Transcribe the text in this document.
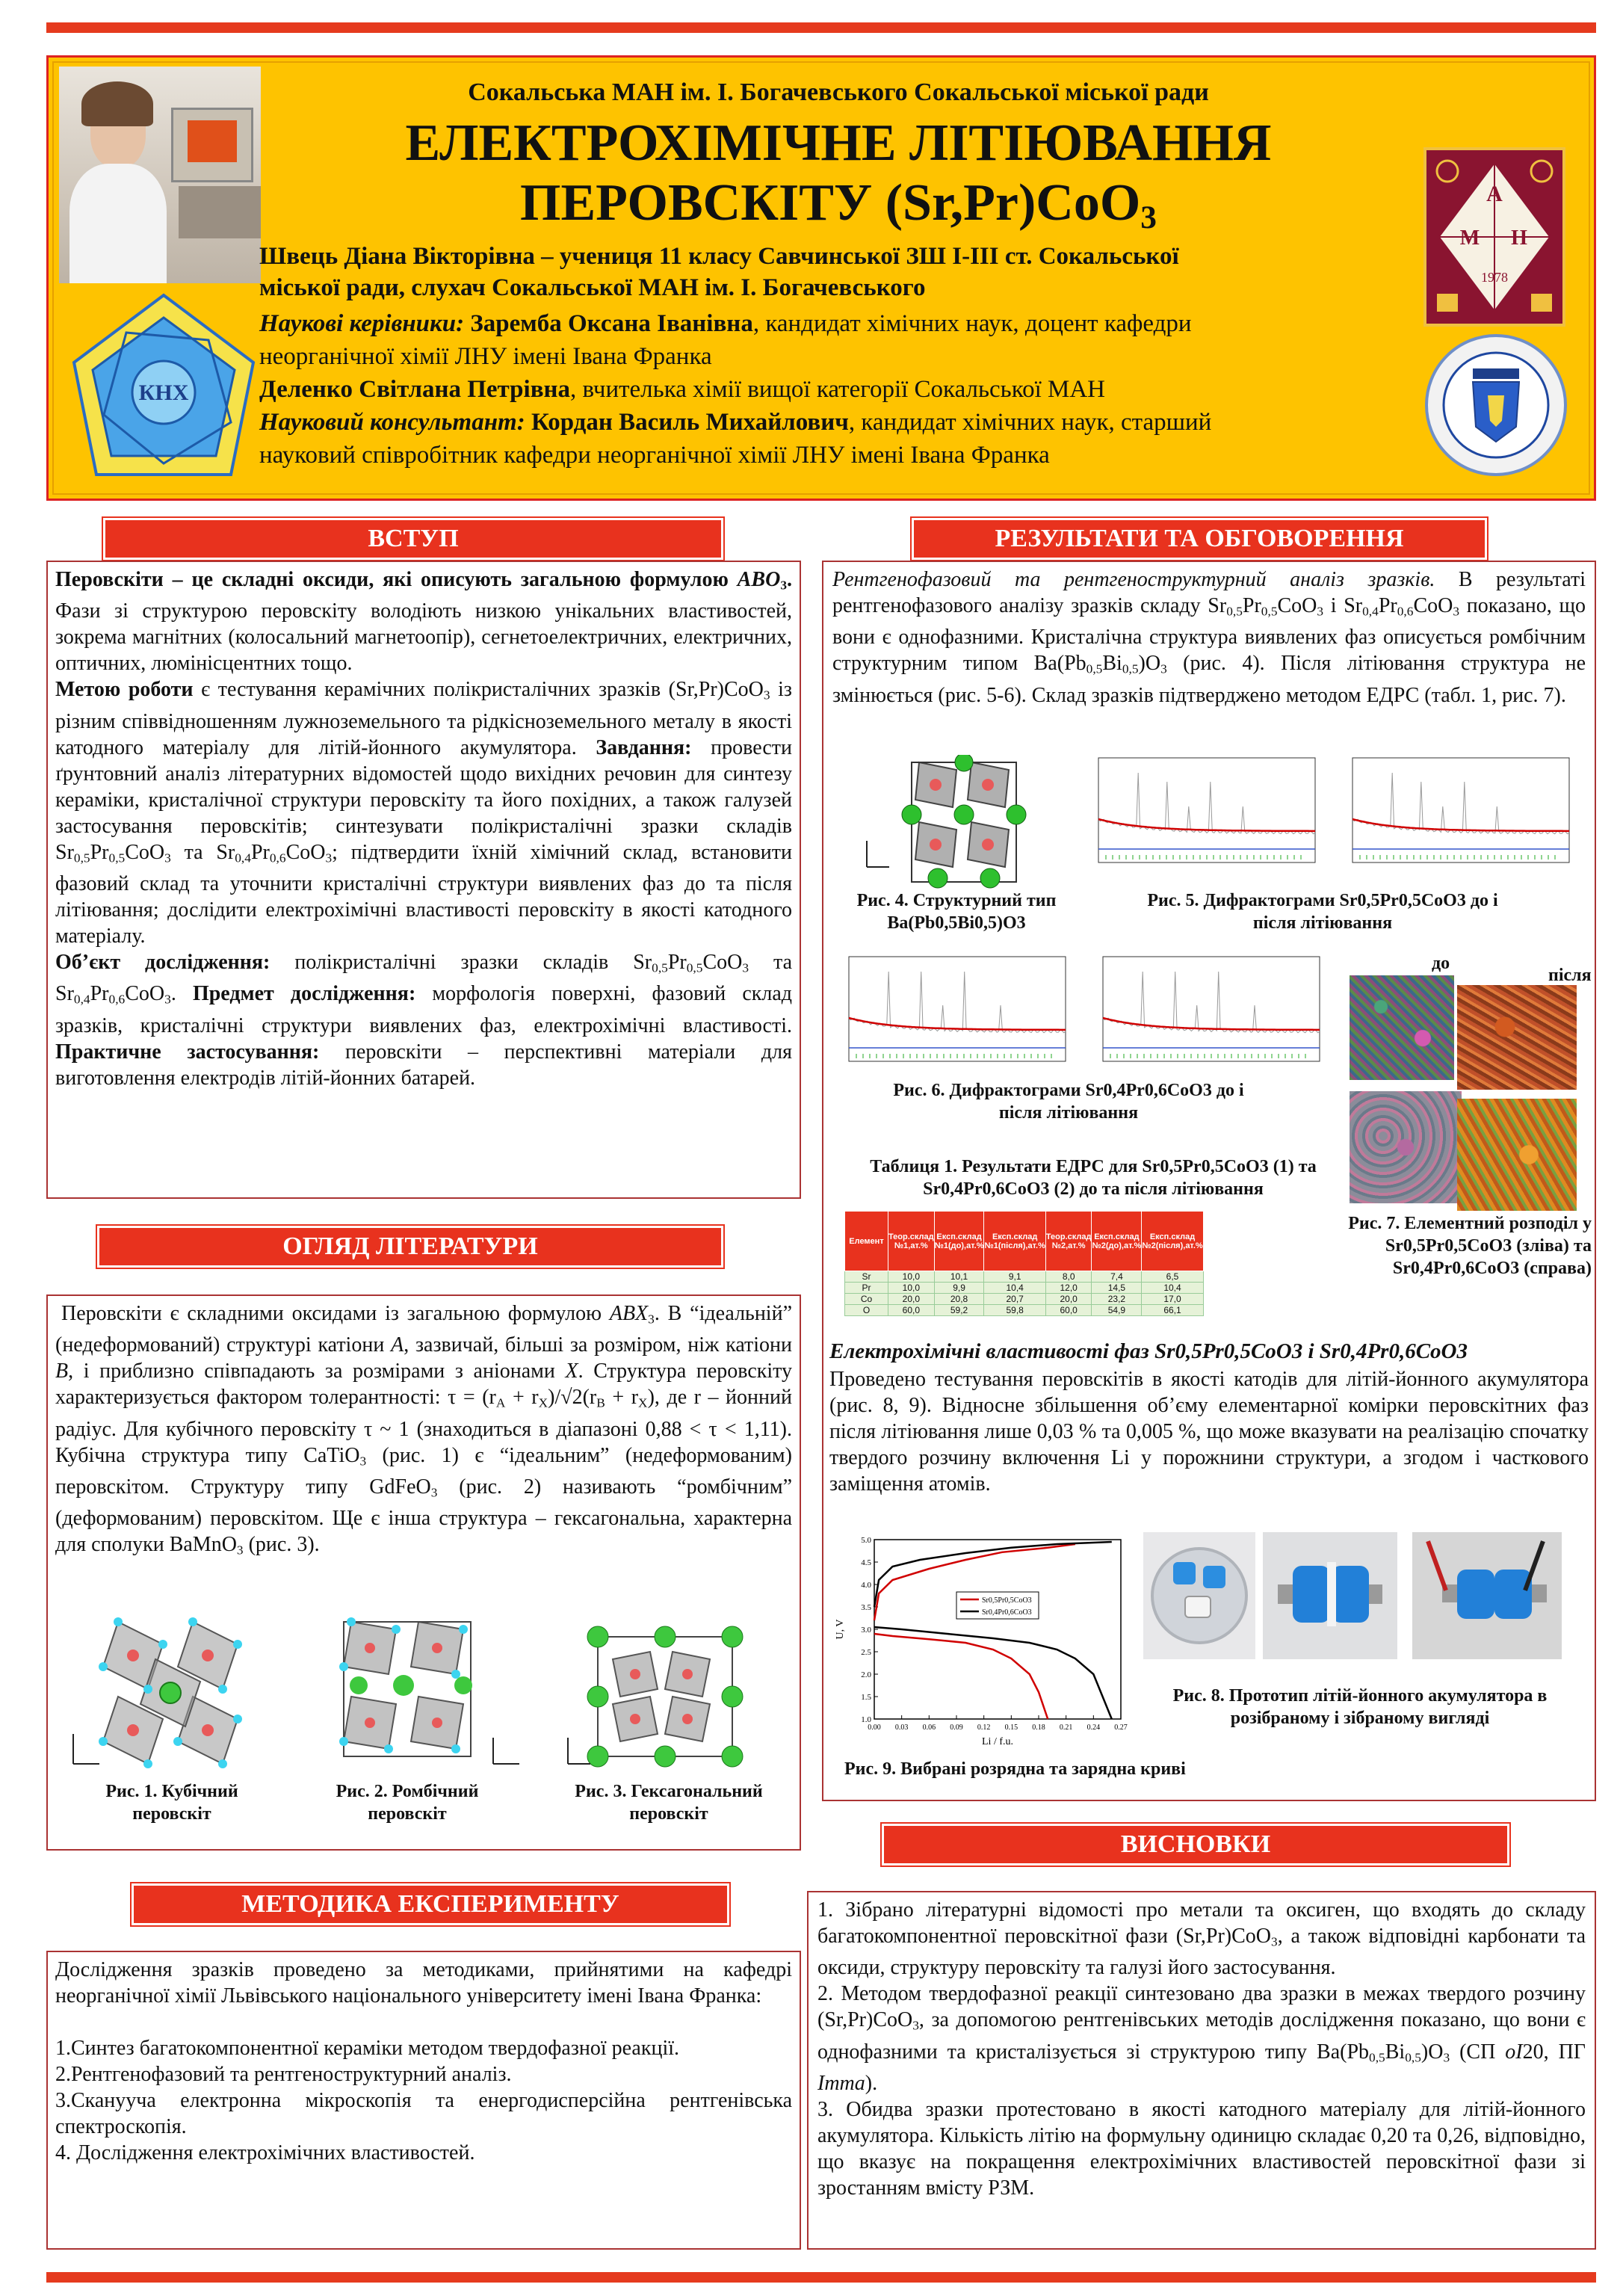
КНХ
Сокальська МАН ім. І. Богачевського Сокальської міської ради
ЕЛЕКТРОХІМІЧНЕ ЛІТІЮВАННЯ
ПЕРОВСКІТУ (Sr,Pr)CoO$_3$
Швець Діана Вікторівна – учениця 11 класу Савчинської ЗШ І-ІІІ ст. Сокальської
міської ради, слухач Сокальської МАН ім. І. Богачевського
Наукові керівники: Заремба Оксана Іванівна, кандидат хімічних наук, доцент кафедри
неорганічної хімії ЛНУ імені Івана Франка
Деленко Світлана Петрівна, вчителька хімії вищої категорії Сокальської МАН
Науковий консультант: Кордан Василь Михайлович, кандидат хімічних наук, старший
науковий співробітник кафедри неорганічної хімії ЛНУ імені Івана Франка
А
М Н
1978
ВСТУП

Перовскіти – це складні оксиди, які описують загальною формулою $ABO_3$. Фази зі структурою перовскіту володіють низкою унікальних властивостей, зокрема магнітних (колосальний магнетоопір), сегнетоелектричних, електричних, оптичних, люмінісцентних тощо.

Метою роботи є тестування керамічних полікристалічних зразків (Sr,Pr)CoO$_3$ із різним співвідношенням лужноземельного та рідкісноземельного металу в якості катодного матеріалу для літій-йонного акумулятора. Завдання: провести ґрунтовний аналіз літературних відомостей щодо вихідних речовин для синтезу кераміки, кристалічної структури перовскіту та його похідних, а також галузей застосування перовскітів; синтезувати полікристалічні зразки складів $Sr_{0,5}Pr_{0,5}CoO_3$ та $Sr_{0,4}Pr_{0,6}CoO_3$; підтвердити їхній хімічний склад, встановити фазовий склад та уточнити кристалічні структури виявлених фаз до та після літіювання; дослідити електрохімічні властивості перовскіту в якості катодного матеріалу.

Об’єкт дослідження: полікристалічні зразки складів $Sr_{0,5}Pr_{0,5}CoO_3$ та $Sr_{0,4}Pr_{0,6}CoO_3$. Предмет дослідження: морфологія поверхні, фазовий склад зразків, кристалічні структури виявлених фаз, електрохімічні властивості. Практичне застосування: перовскіти – перспективні матеріали для виготовлення електродів літій-йонних батарей.

ОГЛЯД ЛІТЕРАТУРИ

Перовскіти є складними оксидами із загальною формулою $ABX_3$. В “ідеальній” (недеформований) структурі катіони A, зазвичай, більші за розміром, ніж катіони B, і приблизно співпадають за розмірами з аніонами X. Структура перовскіту характеризується фактором толерантності: $\tau = (r_A + r_X)/√2(r_B + r_X)$, де r – йонний радіус. Для кубічного перовскіту τ ~ 1 (знаходиться в діапазоні 0,88 < τ < 1,11). Кубічна структура типу CaTiO$_3$ (рис. 1) є “ідеальним” (недеформованим) перовскітом. Структуру типу GdFeO$_3$ (рис. 2) називають “ромбічним” (деформованим) перовскітом. Ще є інша структура – гексагональна, характерна для сполуки BaMnO$_3$ (рис. 3).

Рис. 1. Кубічний перовскіт
Рис. 2. Ромбічний перовскіт
Рис. 3. Гексагональний перовскіт
МЕТОДИКА ЕКСПЕРИМЕНТУ

Дослідження зразків проведено за методиками, прийнятими на кафедрі неорганічної хімії Львівського національного університету імені Івана Франка:

1.Синтез багатокомпонентної кераміки методом твердофазної реакції.

2.Рентгенофазовий та рентгеноструктурний аналіз.

3.Сканууча електронна мікроскопія та енергодисперсійна рентгенівська спектроскопія.

4. Дослідження електрохімічних властивостей.

РЕЗУЛЬТАТИ ТА ОБГОВОРЕННЯ

Рентгенофазовий та рентгеноструктурний аналіз зразків. В результаті рентгенофазового аналізу зразків складу $Sr_{0,5}Pr_{0,5}CoO_3$ і $Sr_{0,4}Pr_{0,6}CoO_3$ показано, що вони є однофазними. Кристалічна структура виявлених фаз описується ромбічним структурним типом $Ba(Pb_{0,5}Bi_{0,5})O_3$ (рис. 4). Після літіювання структура не змінюється (рис. 5-6). Склад зразків підтверджено методом ЕДРС (табл. 1, рис. 7).

Рис. 4. Структурний тип Ba(Pb0,5Bi0,5)O3
Рис. 5. Дифрактограми Sr0,5Pr0,5CoO3 до і після літіювання
Рис. 6. Дифрактограми Sr0,4Pr0,6CoO3 до і після літіювання
до
після
Рис. 7. Елементний розподіл у Sr0,5Pr0,5CoO3 (зліва) та Sr0,4Pr0,6CoO3 (справа)
Таблиця 1. Результати ЕДРС для Sr0,5Pr0,5CoO3 (1) та Sr0,4Pr0,6CoO3 (2) до та після літіювання
Елемент	Теор.склад №1,ат.%	Експ.склад №1(до),ат.%	Експ.склад №1(після),ат.%	Теор.склад №2,ат.%	Експ.склад №2(до),ат.%	Експ.склад №2(після),ат.%
Sr	10,0	10,1	9,1	8,0	7,4	6,5
Pr	10,0	9,9	10,4	12,0	14,5	10,4
Co	20,0	20,8	20,7	20,0	23,2	17,0
O	60,0	59,2	59,8	60,0	54,9	66,1
Електрохімічні властивості фаз Sr0,5Pr0,5CoO3 і Sr0,4Pr0,6CoO3
Проведено тестування перовскітів в якості катодів для літій-йонного акумулятора (рис. 8, 9). Відносне збільшення об’єму елементарної комірки перовскітних фаз після літіювання лише 0,03 % та 0,005 %, що може вказувати на реалізацію спочатку твердого розчину включення Li у порожнини структури, а згодом і часткового заміщення атомів.
0.00 0.03 0.06 0.09 0.12 0.15 0.18 0.21 0.24 0.27
1.0
1.5
2.0
2.5
3.0
3.5
4.0
4.5
5.0
Li / f.u.
U, V
Sr0,5Pr0,5CoO3
Sr0,4Pr0,6CoO3
Рис. 9. Вибрані розрядна та зарядна криві
Рис. 8. Прототип літій-йонного акумулятора в розібраному і зібраному вигляді
ВИСНОВКИ

1. Зібрано літературні відомості про метали та оксиген, що входять до складу багатокомпонентної перовскітної фази (Sr,Pr)CoO$_3$, а також відповідні карбонати та оксиди, структуру перовскіту та галузі його застосування.

2. Методом твердофазної реакції синтезовано два зразки в межах твердого розчину (Sr,Pr)CoO$_3$, за допомогою рентгенівських методів дослідження показано, що вони є однофазними та кристалізується зі структурою типу $Ba(Pb_{0,5}Bi_{0,5})O_3$ (СП oI20, ПГ Imma).

3. Обидва зразки протестовано в якості катодного матеріалу для літій-йонного акумулятора. Кількість літію на формульну одиницю складає 0,20 та 0,26, відповідно, що вказує на покращення електрохімічних властивостей перовскітної фази зі зростанням вмісту РЗМ.
